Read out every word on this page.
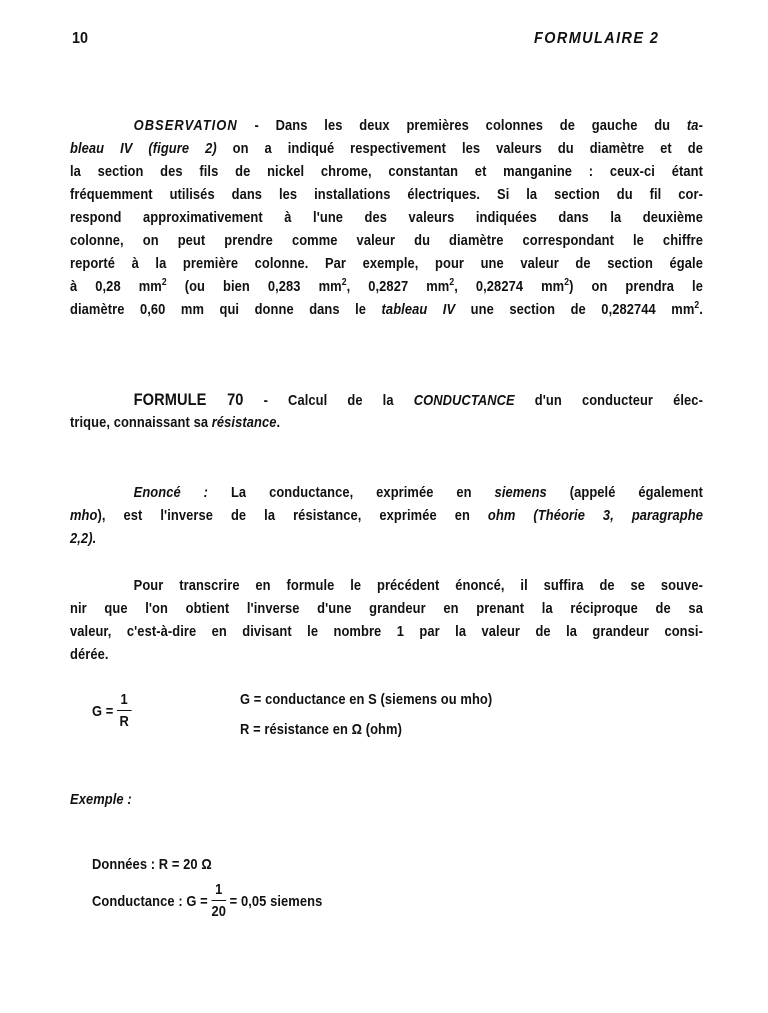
10	FORMULAIRE 2
OBSERVATION - Dans les deux premières colonnes de gauche du ta-
bleau IV (figure 2) on a indiqué respectivement les valeurs du diamètre et de
la section des fils de nickel chrome, constantan et manganine : ceux-ci étant
fréquemment utilisés dans les installations électriques. Si la section du fil cor-
respond approximativement à l'une des valeurs indiquées dans la deuxième
colonne, on peut prendre comme valeur du diamètre correspondant le chiffre
reporté à la première colonne. Par exemple, pour une valeur de section égale
à 0,28 $mm^2$ (ou bien 0,283 $mm^2$, 0,2827 $mm^2$, 0,28274 $mm^2$) on prendra le
diamètre 0,60 mm qui donne dans le tableau IV une section de 0,282744 $mm^2$.
FORMULE 70 - Calcul de la CONDUCTANCE d'un conducteur élec-
trique, connaissant sa résistance.
Enoncé : La conductance, exprimée en siemens (appelé également
mho), est l'inverse de la résistance, exprimée en ohm (Théorie 3, paragraphe
2,2).
Pour transcrire en formule le précédent énoncé, il suffira de se souve-
nir que l'on obtient l'inverse d'une grandeur en prenant la réciproque de sa
valeur, c'est-à-dire en divisant le nombre 1 par la valeur de la grandeur consi-
dérée.
$G = \frac{1}{R}$	G = conductance en S (siemens ou mho)
R = résistance en Ω (ohm)
Exemple :
Données : R = 20 Ω
Conductance : $G = \frac{1}{20} = 0,05$ siemens
